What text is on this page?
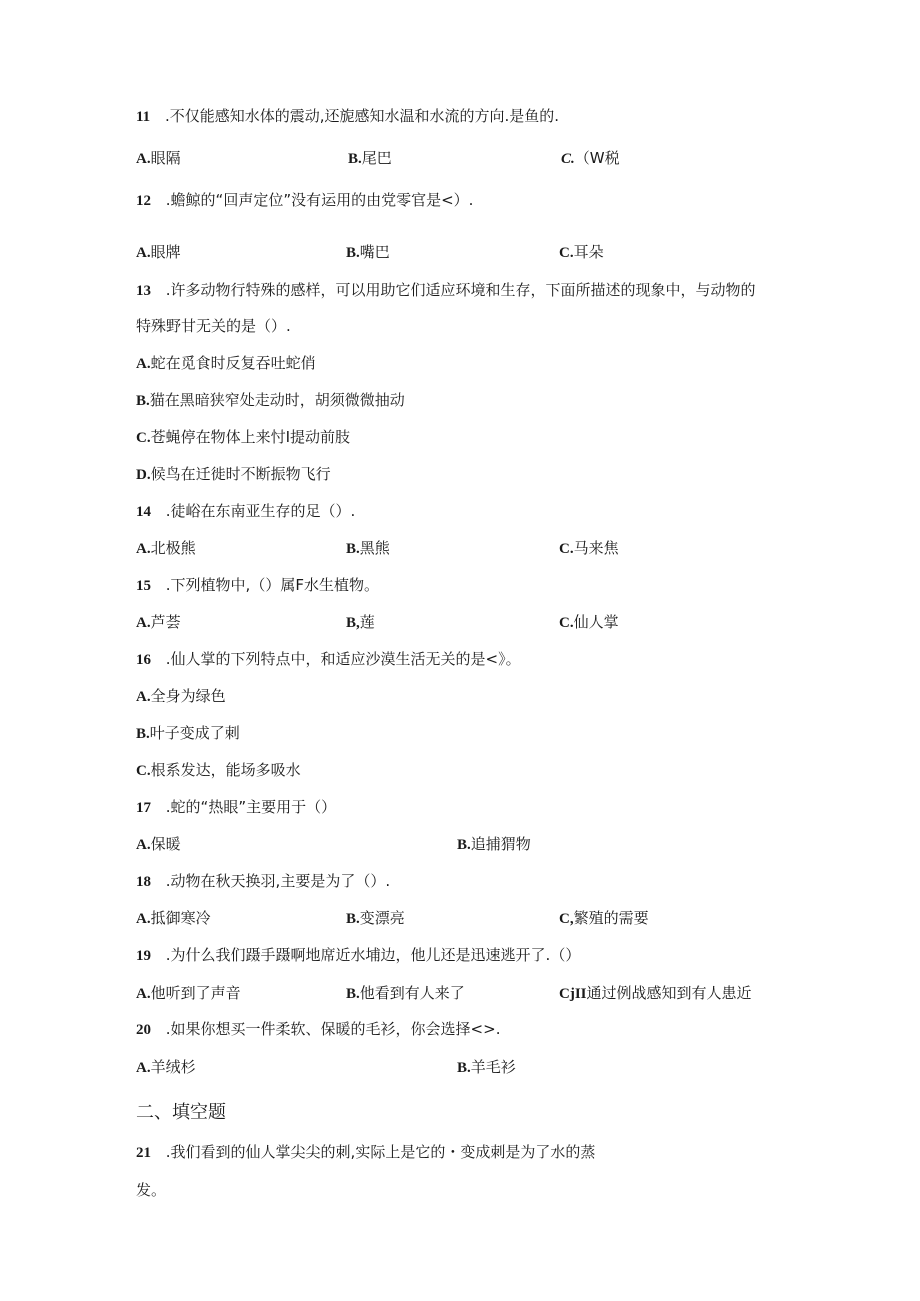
11 .不仅能感知水体的震动,还旎感知水温和水流的方向.是鱼的.
A.眼隔	B.尾巴	C.（W税
12 .蟾鲸的“回声定位”没有运用的由党零官是<）.
A.眼牌	B.嘴巴	C.耳朵
13 .许多动物行特殊的感样，可以用助它们适应环境和生存，下面所描述的现象中，与动物的
特殊野甘无关的是（）.
A.蛇在觅食时反复吞吐蛇俏
B.猫在黑暗狭窄处走动时，胡须微微抽动
C.苍蝇停在物体上来忖I提动前肢
D.候鸟在迁徙时不断振物飞行
14 .徒峪在东南亚生存的足（）.
A.北极熊	B.黑熊	C.马来焦
15 .下列植物中,（）属F水生植物。
A.芦荟	B,莲	C.仙人掌
16 .仙人掌的下列特点中，和适应沙漠生活无关的是<》。
A.全身为绿色
B.叶子变成了刺
C.根系发达，能场多吸水
17 .蛇的“热眼”主要用于（）
A.保暖	B.追捕猬物
18 .动物在秋天换羽,主要是为了（）.
A.抵御寒冷	B.变漂亮	C,繁殖的需要
19 .为什么我们蹑手蹑啊地席近水埔边，他儿还是迅速逃开了.（）
A.他听到了声音	B.他看到有人来了	CjII通过例战感知到有人患近
20 .如果你想买一件柔软、保暖的毛衫，你会选择<>.
A.羊绒杉	B.羊毛衫
二、填空题
21 .我们看到的仙人掌尖尖的刺,实际上是它的・变成刺是为了水的蒸
发。
